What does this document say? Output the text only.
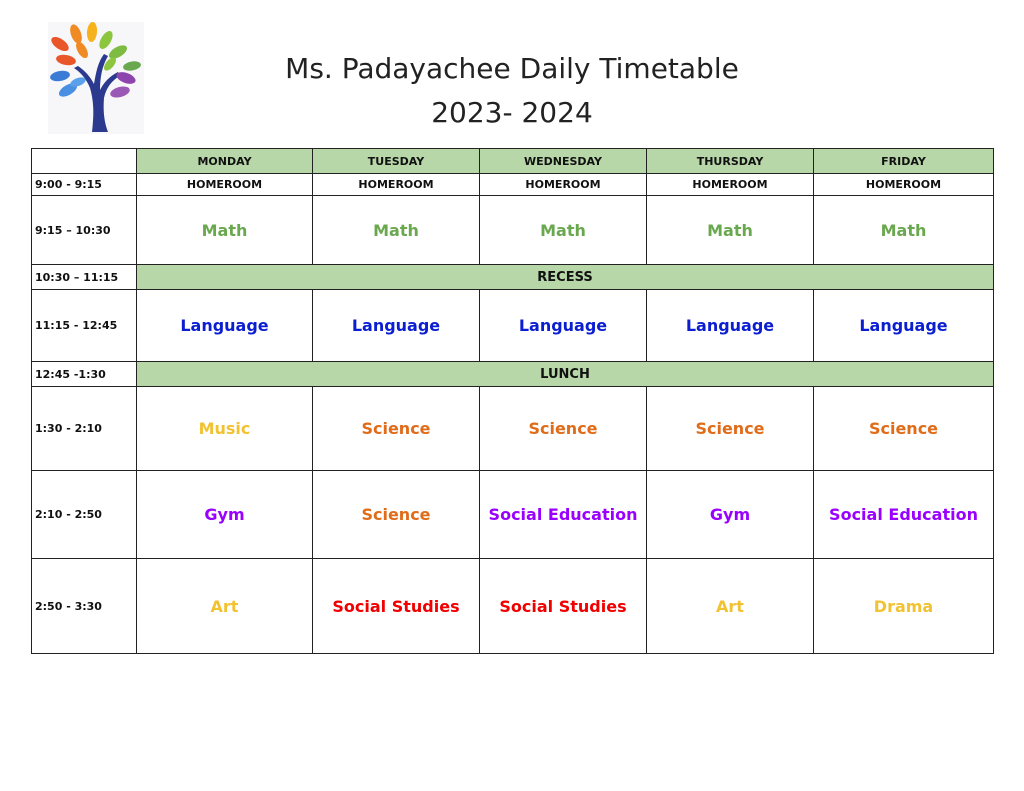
Ms. Padayachee Daily Timetable
2023- 2024
	MONDAY	TUESDAY	WEDNESDAY	THURSDAY	FRIDAY
9:00 - 9:15	HOMEROOM	HOMEROOM	HOMEROOM	HOMEROOM	HOMEROOM
9:15 – 10:30	Math	Math	Math	Math	Math
10:30 – 11:15	RECESS				
11:15 - 12:45	Language	Language	Language	Language	Language
12:45 -1:30	LUNCH				
1:30 - 2:10	Music	Science	Science	Science	Science
2:10 - 2:50	Gym	Science	Social Education	Gym	Social Education
2:50 - 3:30	Art	Social Studies	Social Studies	Art	Drama
